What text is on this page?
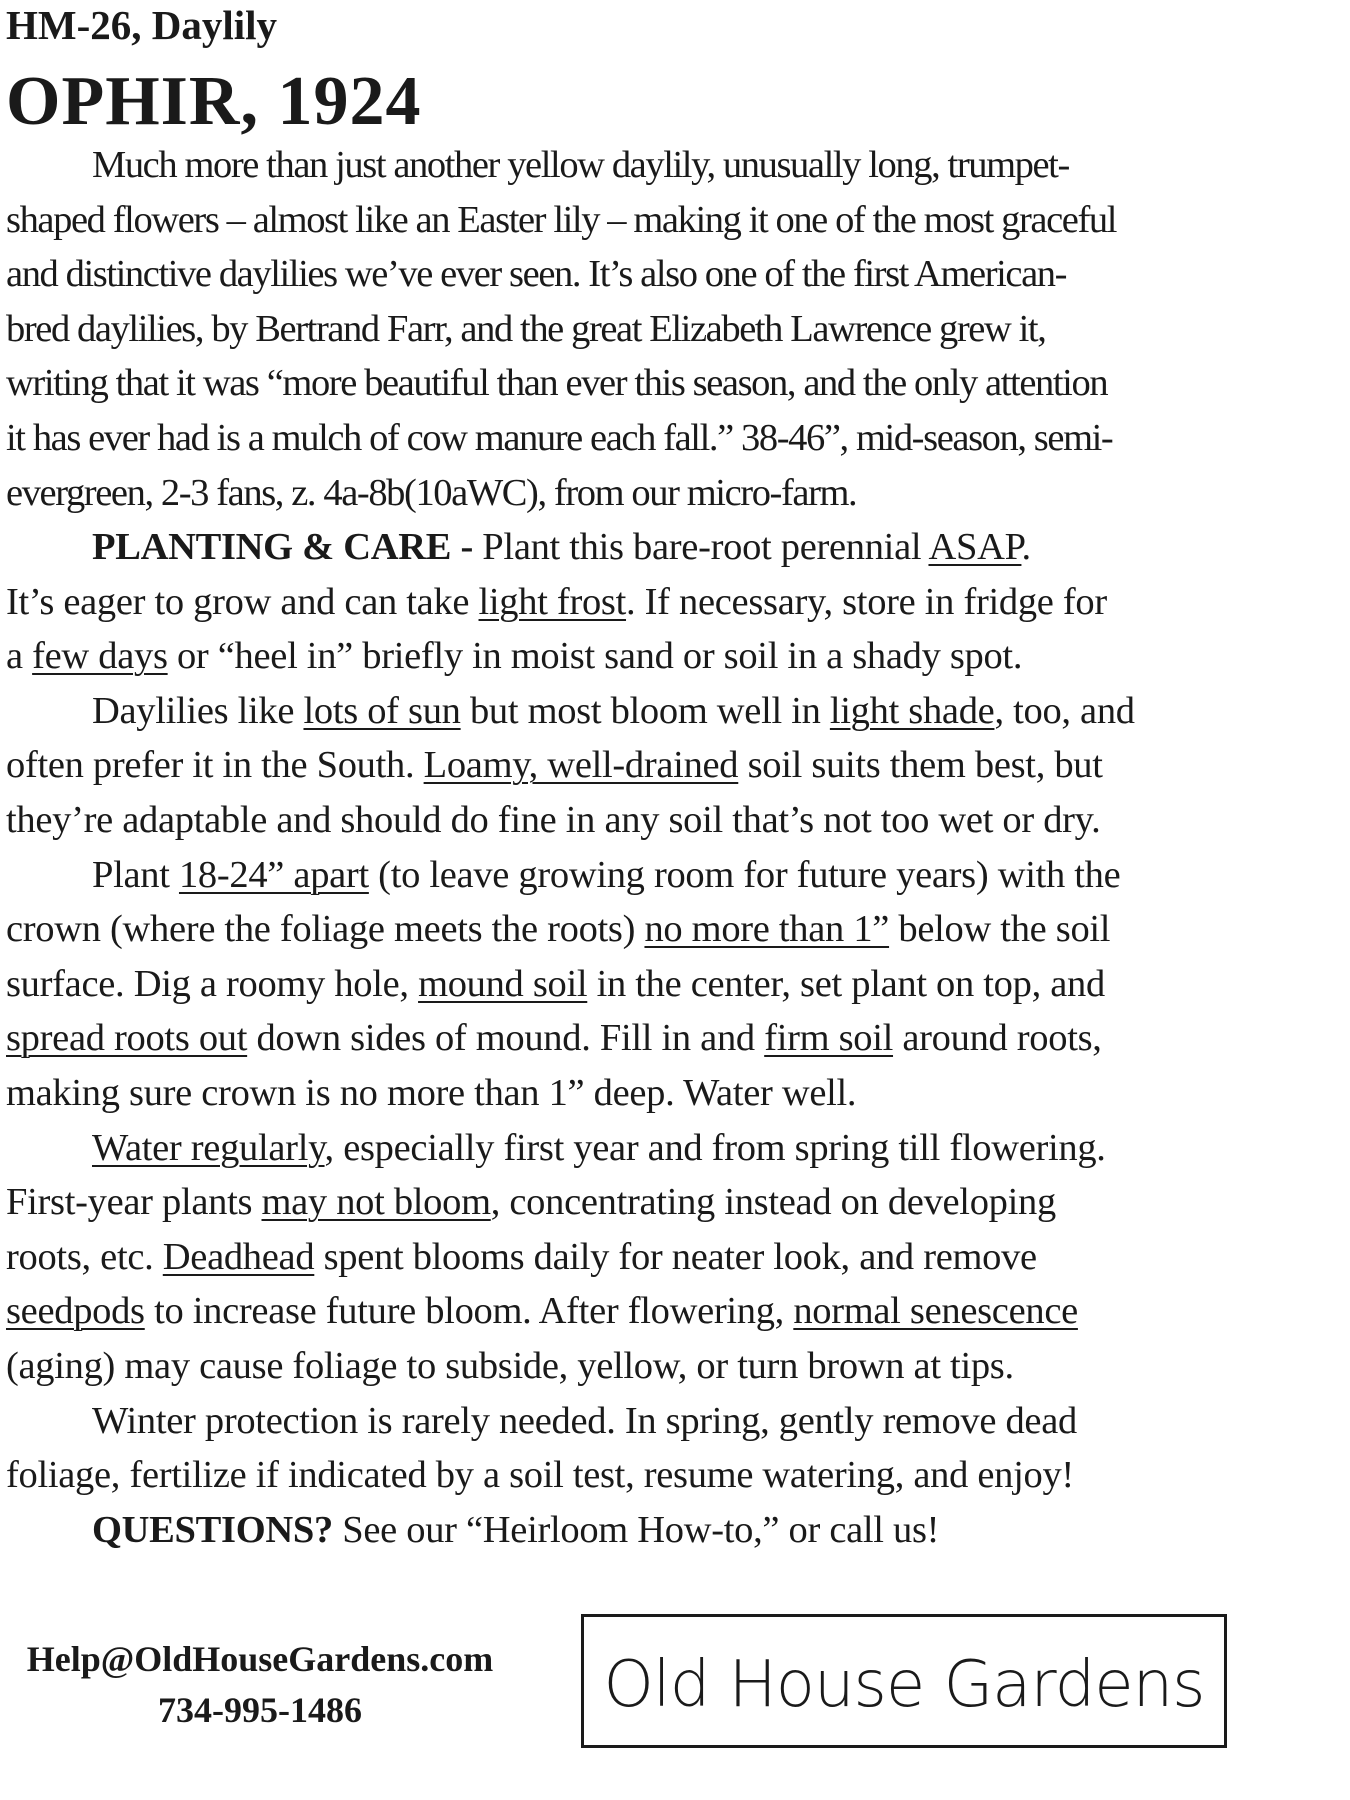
HM-26, Daylily
OPHIR, 1924
Much more than just another yellow daylily, unusually long, trumpet-
shaped flowers – almost like an Easter lily – making it one of the most graceful
and distinctive daylilies we’ve ever seen. It’s also one of the first American-
bred daylilies, by Bertrand Farr, and the great Elizabeth Lawrence grew it,
writing that it was “more beautiful than ever this season, and the only attention
it has ever had is a mulch of cow manure each fall.” 38-46”, mid-season, semi-
evergreen, 2-3 fans, z. 4a-8b(10aWC), from our micro-farm.
PLANTING & CARE - Plant this bare-root perennial ASAP.
It’s eager to grow and can take light frost. If necessary, store in fridge for
a few days or “heel in” briefly in moist sand or soil in a shady spot.
Daylilies like lots of sun but most bloom well in light shade, too, and
often prefer it in the South. Loamy, well-drained soil suits them best, but
they’re adaptable and should do fine in any soil that’s not too wet or dry.
Plant 18-24” apart (to leave growing room for future years) with the
crown (where the foliage meets the roots) no more than 1” below the soil
surface. Dig a roomy hole, mound soil in the center, set plant on top, and
spread roots out down sides of mound. Fill in and firm soil around roots,
making sure crown is no more than 1” deep. Water well.
Water regularly, especially first year and from spring till flowering.
First-year plants may not bloom, concentrating instead on developing
roots, etc. Deadhead spent blooms daily for neater look, and remove
seedpods to increase future bloom. After flowering, normal senescence
(aging) may cause foliage to subside, yellow, or turn brown at tips.
Winter protection is rarely needed. In spring, gently remove dead
foliage, fertilize if indicated by a soil test, resume watering, and enjoy!
QUESTIONS? See our “Heirloom How-to,” or call us!
Help@OldHouseGardens.com
734-995-1486	Old House Gardens
